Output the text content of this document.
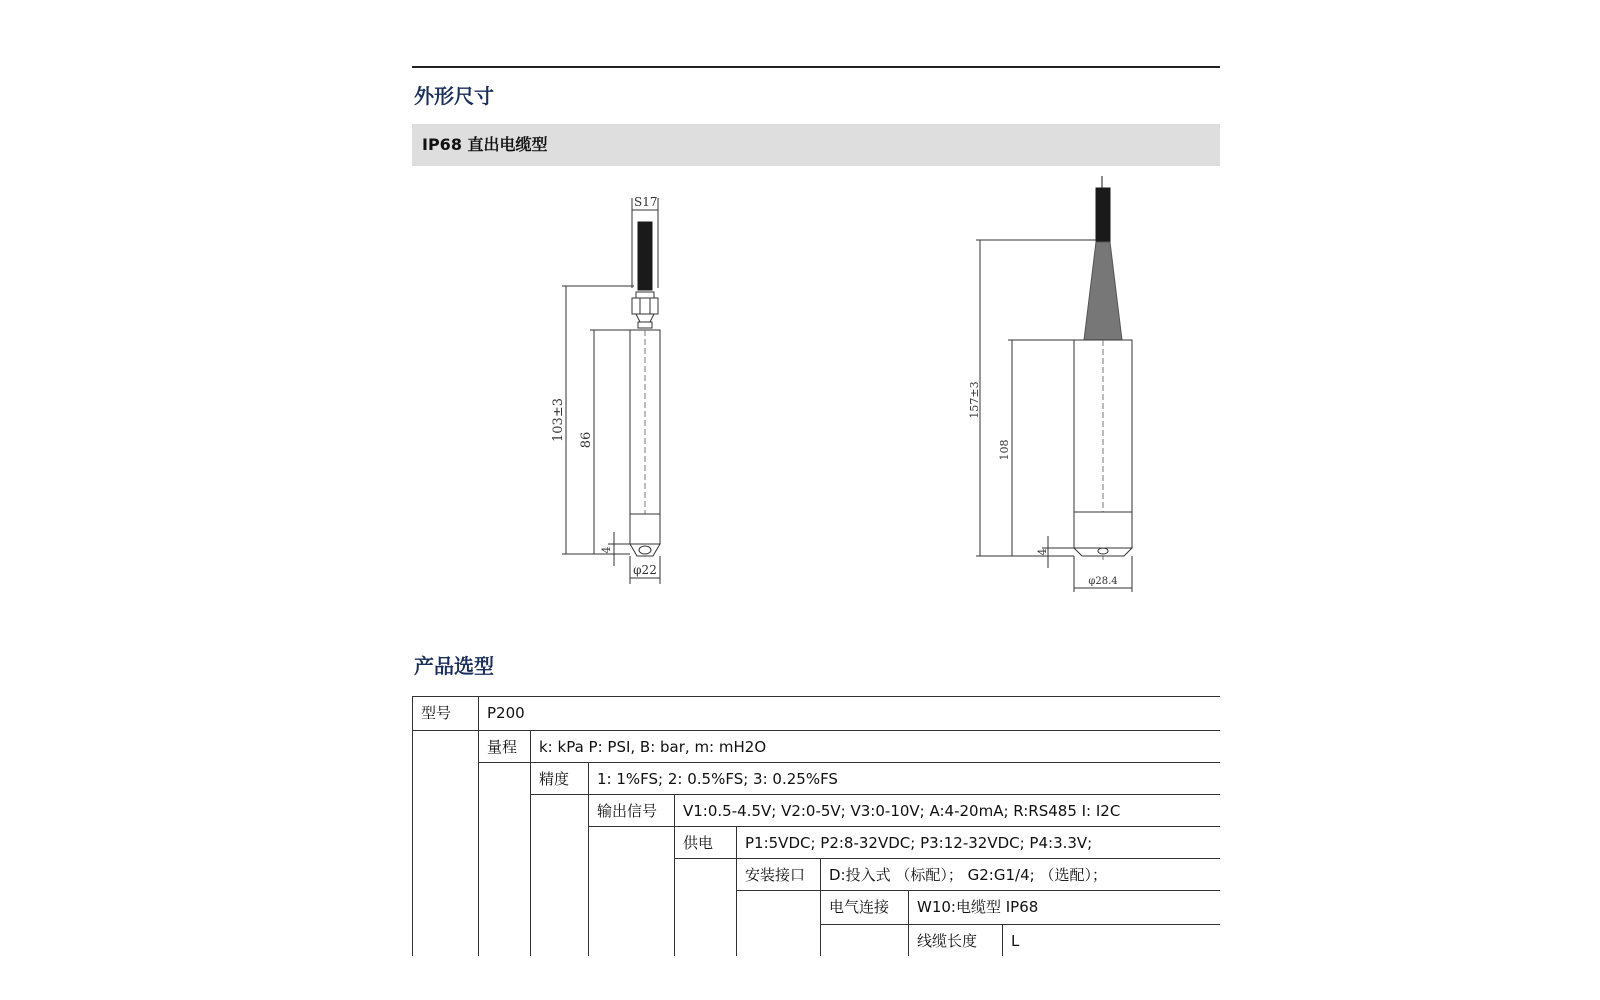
外形尺寸
IP68 直出电缆型
S17
103±3 86
4
φ22
157±3
108
4
φ28.4
产品选型
型号	P200
量程	k: kPa P: PSI, B: bar, m: mH2O
精度	1: 1%FS; 2: 0.5%FS; 3: 0.25%FS
输出信号	V1:0.5-4.5V; V2:0-5V; V3:0-10V; A:4-20mA; R:RS485 I: I2C
供电	P1:5VDC; P2:8-32VDC; P3:12-32VDC; P4:3.3V;
安装接口	D:投入式 （标配）； G2:G1/4; （选配）；
电气连接	W10:电缆型 IP68
线缆长度	L
